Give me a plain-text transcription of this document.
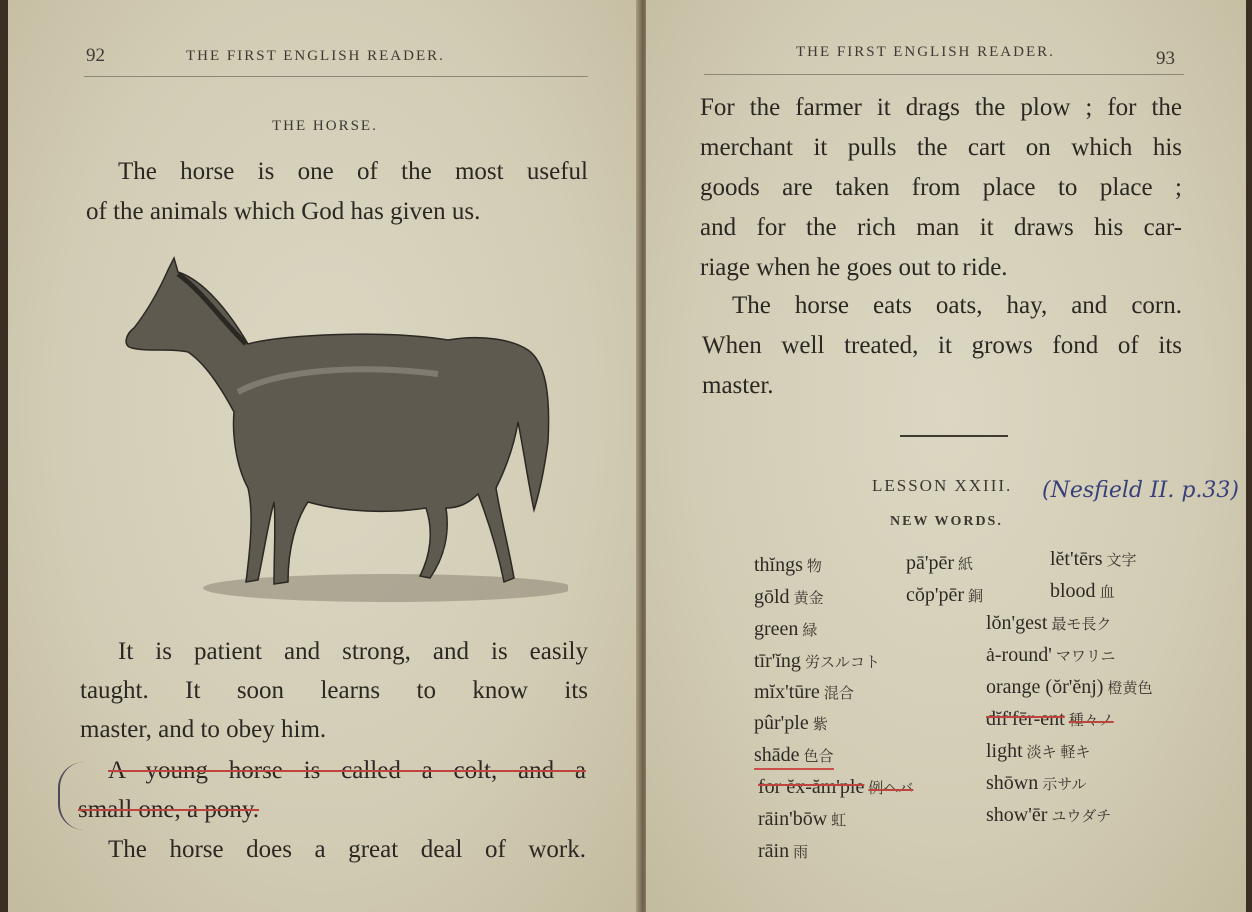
92	THE FIRST ENGLISH READER.
THE HORSE.
The horse is one of the most useful
of the animals which God has given us.
It is patient and strong, and is easily
taught. It soon learns to know its
master, and to obey him.
A young horse is called a colt, and a
small one, a pony.
The horse does a great deal of work.
THE FIRST ENGLISH READER.	93
For the farmer it drags the plow ; for the
merchant it pulls the cart on which his
goods are taken from place to place ;
and for the rich man it draws his car-
riage when he goes out to ride.
The horse eats oats, hay, and corn.
When well treated, it grows fond of its
master.
LESSON XXIII. (Nesfield II. p.33)
NEW WORDS.
thĭngs 物
gōld 黄金
green 緑
tīr'ĭng 労スルコト
mĭx'tūre 混合
pûr'ple 紫
shāde 色合
for ĕx-ăm'ple 例ヘバ
rāin'bōw 虹
rāin 雨
pā'pēr 紙
cŏp'pēr 銅
lĕt'tērs 文字
blood 血
lŏn'gest 最モ長ク
ȧ-round' マワリニ
orange (ŏr'ĕnj) 橙黄色
dĭf'fēr-ent 種々ノ
light 淡キ 軽キ
shōwn 示サル
show'ēr ユウダチ
